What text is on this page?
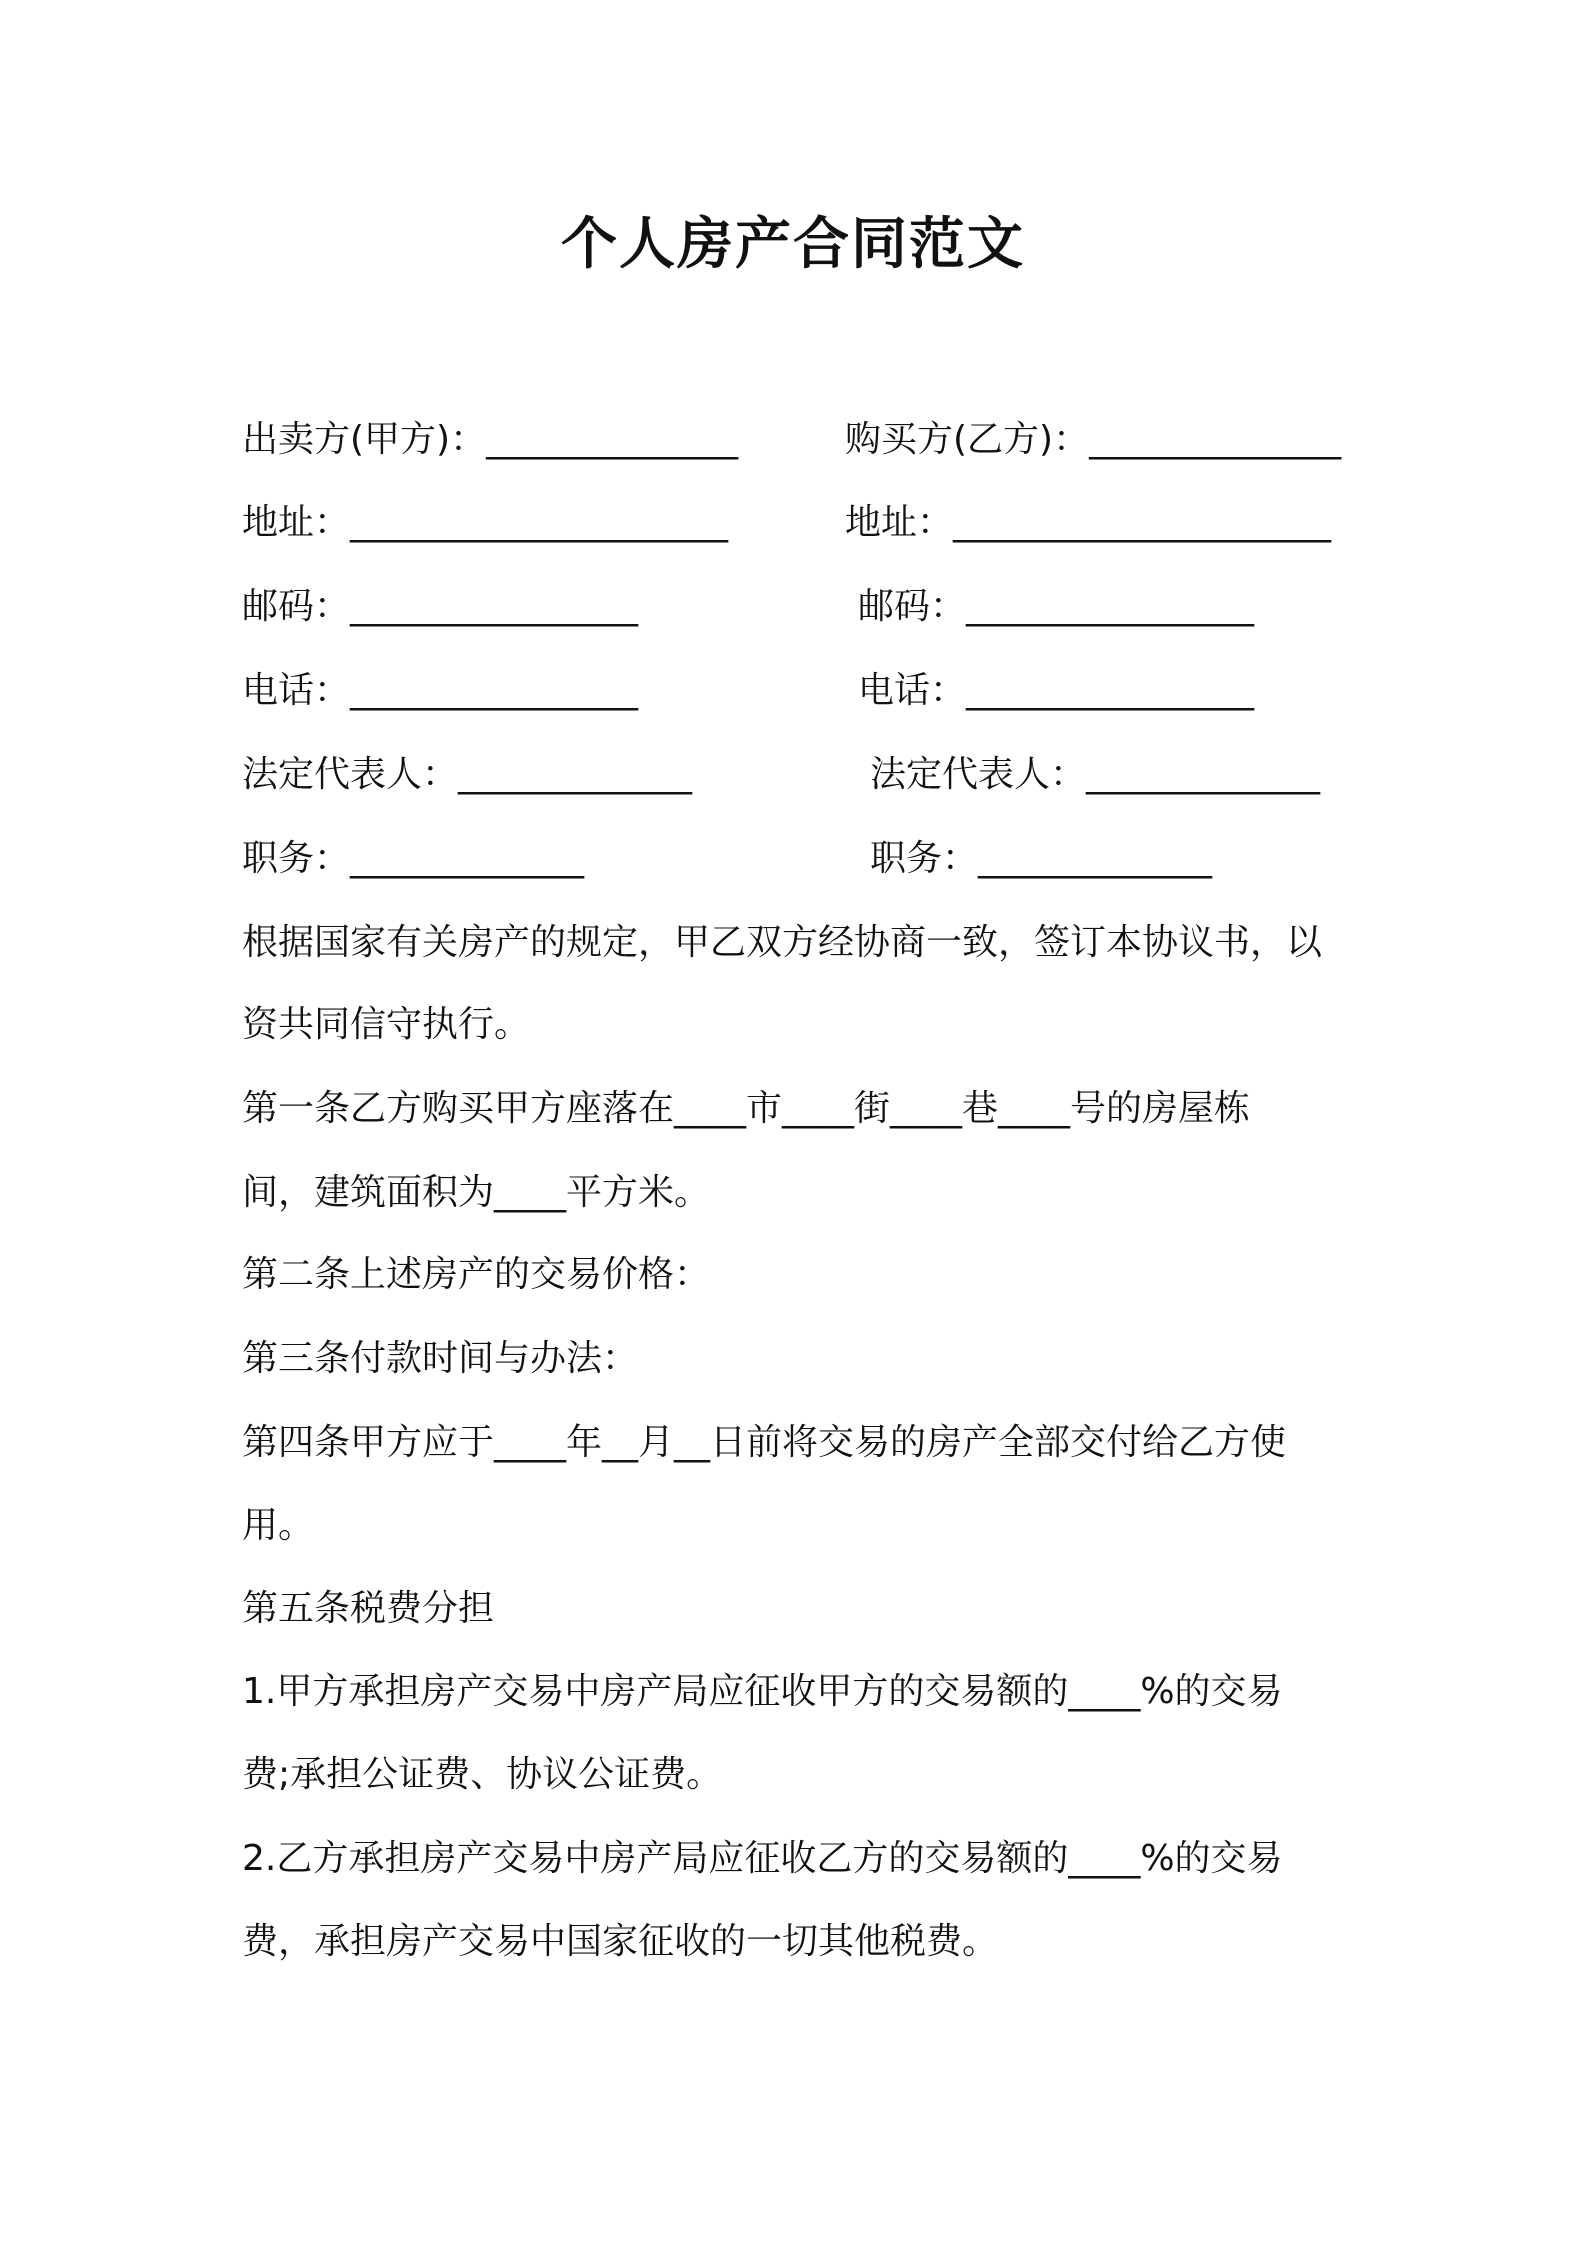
个人房产合同范文
出卖方(甲方)：______________	购买方(乙方)：______________
地址：_____________________	地址：_____________________
邮码：________________	邮码：________________
电话：________________	电话：________________
法定代表人：_____________	法定代表人：_____________
职务：_____________	职务：_____________
根据国家有关房产的规定，甲乙双方经协商一致，签订本协议书，以
资共同信守执行。
第一条乙方购买甲方座落在____市____街____巷____号的房屋栋
间，建筑面积为____平方米。
第二条上述房产的交易价格：
第三条付款时间与办法：
第四条甲方应于____年__月__日前将交易的房产全部交付给乙方使
用。
第五条税费分担
1.甲方承担房产交易中房产局应征收甲方的交易额的____%的交易
费;承担公证费、协议公证费。
2.乙方承担房产交易中房产局应征收乙方的交易额的____%的交易
费，承担房产交易中国家征收的一切其他税费。
